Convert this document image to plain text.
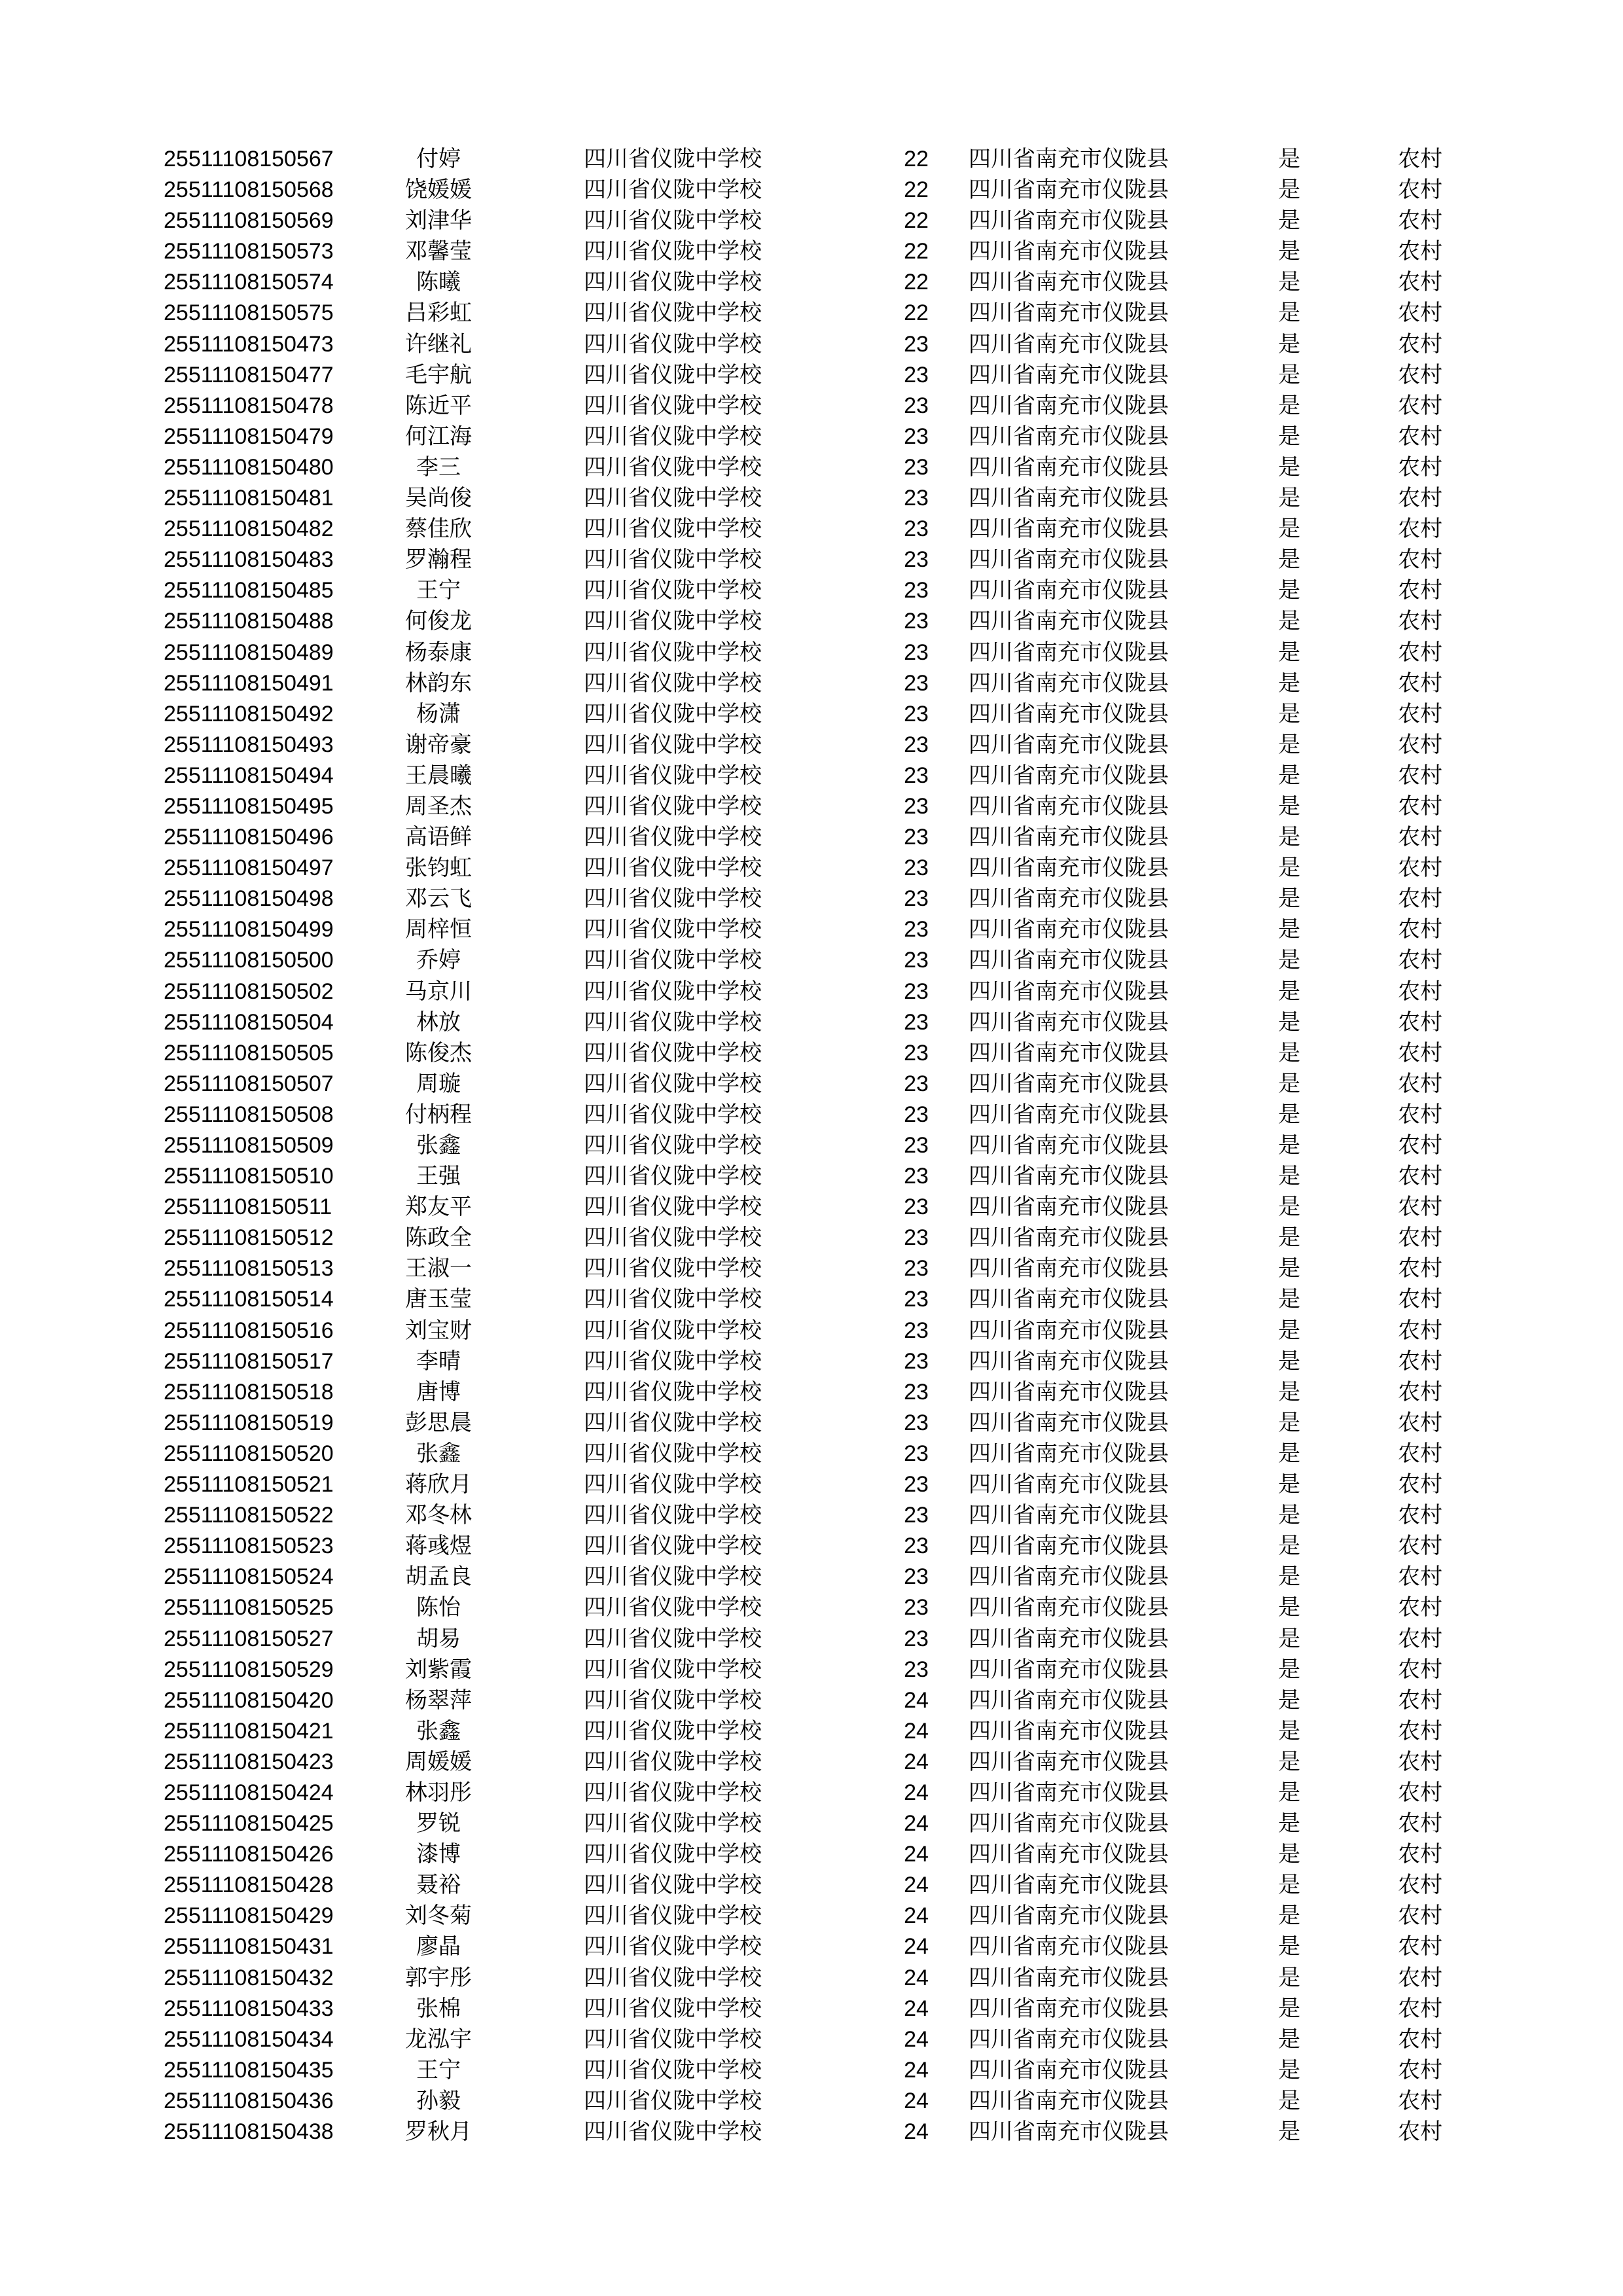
25511108150567	付婷	四川省仪陇中学校	22	四川省南充市仪陇县	是	农村
25511108150568	饶媛媛	四川省仪陇中学校	22	四川省南充市仪陇县	是	农村
25511108150569	刘津华	四川省仪陇中学校	22	四川省南充市仪陇县	是	农村
25511108150573	邓馨莹	四川省仪陇中学校	22	四川省南充市仪陇县	是	农村
25511108150574	陈曦	四川省仪陇中学校	22	四川省南充市仪陇县	是	农村
25511108150575	吕彩虹	四川省仪陇中学校	22	四川省南充市仪陇县	是	农村
25511108150473	许继礼	四川省仪陇中学校	23	四川省南充市仪陇县	是	农村
25511108150477	毛宇航	四川省仪陇中学校	23	四川省南充市仪陇县	是	农村
25511108150478	陈近平	四川省仪陇中学校	23	四川省南充市仪陇县	是	农村
25511108150479	何江海	四川省仪陇中学校	23	四川省南充市仪陇县	是	农村
25511108150480	李三	四川省仪陇中学校	23	四川省南充市仪陇县	是	农村
25511108150481	吴尚俊	四川省仪陇中学校	23	四川省南充市仪陇县	是	农村
25511108150482	蔡佳欣	四川省仪陇中学校	23	四川省南充市仪陇县	是	农村
25511108150483	罗瀚程	四川省仪陇中学校	23	四川省南充市仪陇县	是	农村
25511108150485	王宁	四川省仪陇中学校	23	四川省南充市仪陇县	是	农村
25511108150488	何俊龙	四川省仪陇中学校	23	四川省南充市仪陇县	是	农村
25511108150489	杨泰康	四川省仪陇中学校	23	四川省南充市仪陇县	是	农村
25511108150491	林韵东	四川省仪陇中学校	23	四川省南充市仪陇县	是	农村
25511108150492	杨潇	四川省仪陇中学校	23	四川省南充市仪陇县	是	农村
25511108150493	谢帝豪	四川省仪陇中学校	23	四川省南充市仪陇县	是	农村
25511108150494	王晨曦	四川省仪陇中学校	23	四川省南充市仪陇县	是	农村
25511108150495	周圣杰	四川省仪陇中学校	23	四川省南充市仪陇县	是	农村
25511108150496	高语鲜	四川省仪陇中学校	23	四川省南充市仪陇县	是	农村
25511108150497	张钧虹	四川省仪陇中学校	23	四川省南充市仪陇县	是	农村
25511108150498	邓云飞	四川省仪陇中学校	23	四川省南充市仪陇县	是	农村
25511108150499	周梓恒	四川省仪陇中学校	23	四川省南充市仪陇县	是	农村
25511108150500	乔婷	四川省仪陇中学校	23	四川省南充市仪陇县	是	农村
25511108150502	马京川	四川省仪陇中学校	23	四川省南充市仪陇县	是	农村
25511108150504	林放	四川省仪陇中学校	23	四川省南充市仪陇县	是	农村
25511108150505	陈俊杰	四川省仪陇中学校	23	四川省南充市仪陇县	是	农村
25511108150507	周璇	四川省仪陇中学校	23	四川省南充市仪陇县	是	农村
25511108150508	付柄程	四川省仪陇中学校	23	四川省南充市仪陇县	是	农村
25511108150509	张鑫	四川省仪陇中学校	23	四川省南充市仪陇县	是	农村
25511108150510	王强	四川省仪陇中学校	23	四川省南充市仪陇县	是	农村
25511108150511	郑友平	四川省仪陇中学校	23	四川省南充市仪陇县	是	农村
25511108150512	陈政全	四川省仪陇中学校	23	四川省南充市仪陇县	是	农村
25511108150513	王淑一	四川省仪陇中学校	23	四川省南充市仪陇县	是	农村
25511108150514	唐玉莹	四川省仪陇中学校	23	四川省南充市仪陇县	是	农村
25511108150516	刘宝财	四川省仪陇中学校	23	四川省南充市仪陇县	是	农村
25511108150517	李晴	四川省仪陇中学校	23	四川省南充市仪陇县	是	农村
25511108150518	唐博	四川省仪陇中学校	23	四川省南充市仪陇县	是	农村
25511108150519	彭思晨	四川省仪陇中学校	23	四川省南充市仪陇县	是	农村
25511108150520	张鑫	四川省仪陇中学校	23	四川省南充市仪陇县	是	农村
25511108150521	蒋欣月	四川省仪陇中学校	23	四川省南充市仪陇县	是	农村
25511108150522	邓冬林	四川省仪陇中学校	23	四川省南充市仪陇县	是	农村
25511108150523	蒋彧煜	四川省仪陇中学校	23	四川省南充市仪陇县	是	农村
25511108150524	胡孟良	四川省仪陇中学校	23	四川省南充市仪陇县	是	农村
25511108150525	陈怡	四川省仪陇中学校	23	四川省南充市仪陇县	是	农村
25511108150527	胡易	四川省仪陇中学校	23	四川省南充市仪陇县	是	农村
25511108150529	刘紫霞	四川省仪陇中学校	23	四川省南充市仪陇县	是	农村
25511108150420	杨翠萍	四川省仪陇中学校	24	四川省南充市仪陇县	是	农村
25511108150421	张鑫	四川省仪陇中学校	24	四川省南充市仪陇县	是	农村
25511108150423	周媛媛	四川省仪陇中学校	24	四川省南充市仪陇县	是	农村
25511108150424	林羽彤	四川省仪陇中学校	24	四川省南充市仪陇县	是	农村
25511108150425	罗锐	四川省仪陇中学校	24	四川省南充市仪陇县	是	农村
25511108150426	漆博	四川省仪陇中学校	24	四川省南充市仪陇县	是	农村
25511108150428	聂裕	四川省仪陇中学校	24	四川省南充市仪陇县	是	农村
25511108150429	刘冬菊	四川省仪陇中学校	24	四川省南充市仪陇县	是	农村
25511108150431	廖晶	四川省仪陇中学校	24	四川省南充市仪陇县	是	农村
25511108150432	郭宇彤	四川省仪陇中学校	24	四川省南充市仪陇县	是	农村
25511108150433	张棉	四川省仪陇中学校	24	四川省南充市仪陇县	是	农村
25511108150434	龙泓宇	四川省仪陇中学校	24	四川省南充市仪陇县	是	农村
25511108150435	王宁	四川省仪陇中学校	24	四川省南充市仪陇县	是	农村
25511108150436	孙毅	四川省仪陇中学校	24	四川省南充市仪陇县	是	农村
25511108150438	罗秋月	四川省仪陇中学校	24	四川省南充市仪陇县	是	农村
